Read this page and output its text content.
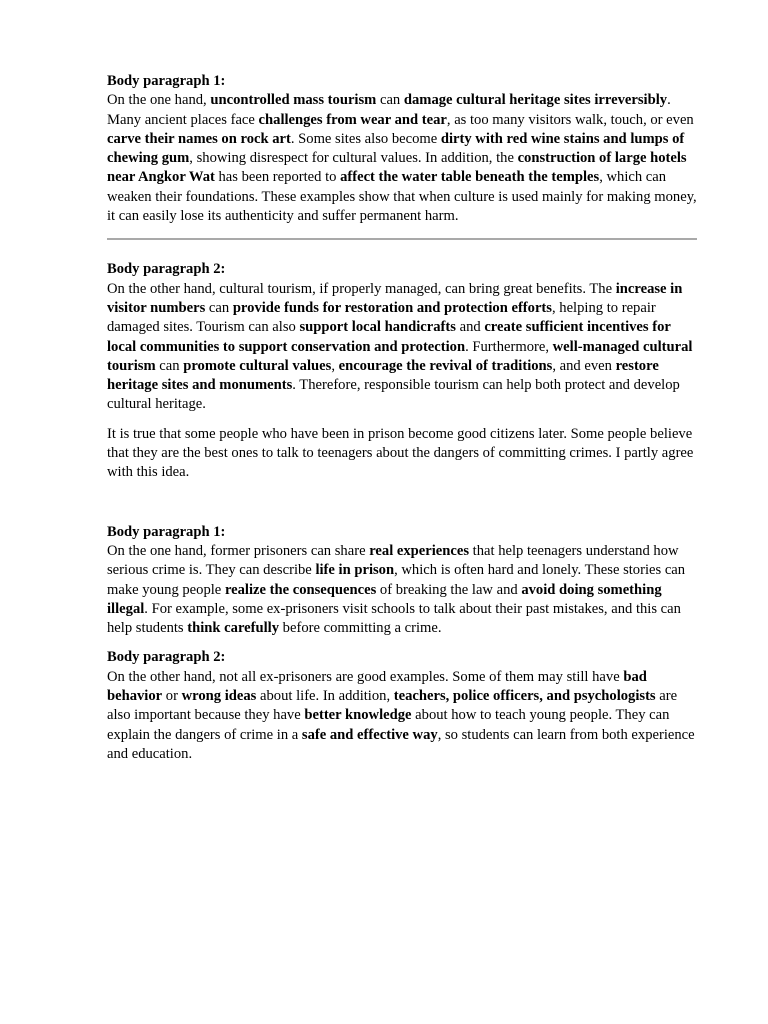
Body paragraph 1:

On the one hand, uncontrolled mass tourism can damage cultural heritage sites irreversibly. Many ancient places face challenges from wear and tear, as too many visitors walk, touch, or even carve their names on rock art. Some sites also become dirty with red wine stains and lumps of chewing gum, showing disrespect for cultural values. In addition, the construction of large hotels near Angkor Wat has been reported to affect the water table beneath the temples, which can weaken their foundations. These examples show that when culture is used mainly for making money, it can easily lose its authenticity and suffer permanent harm.

Body paragraph 2:

On the other hand, cultural tourism, if properly managed, can bring great benefits. The increase in visitor numbers can provide funds for restoration and protection efforts, helping to repair damaged sites. Tourism can also support local handicrafts and create sufficient incentives for local communities to support conservation and protection. Furthermore, well-managed cultural tourism can promote cultural values, encourage the revival of traditions, and even restore heritage sites and monuments. Therefore, responsible tourism can help both protect and develop cultural heritage.

It is true that some people who have been in prison become good citizens later. Some people believe that they are the best ones to talk to teenagers about the dangers of committing crimes. I partly agree with this idea.

Body paragraph 1:

On the one hand, former prisoners can share real experiences that help teenagers understand how serious crime is. They can describe life in prison, which is often hard and lonely. These stories can make young people realize the consequences of breaking the law and avoid doing something illegal. For example, some ex-prisoners visit schools to talk about their past mistakes, and this can help students think carefully before committing a crime.

Body paragraph 2:

On the other hand, not all ex-prisoners are good examples. Some of them may still have bad behavior or wrong ideas about life. In addition, teachers, police officers, and psychologists are also important because they have better knowledge about how to teach young people. They can explain the dangers of crime in a safe and effective way, so students can learn from both experience and education.
